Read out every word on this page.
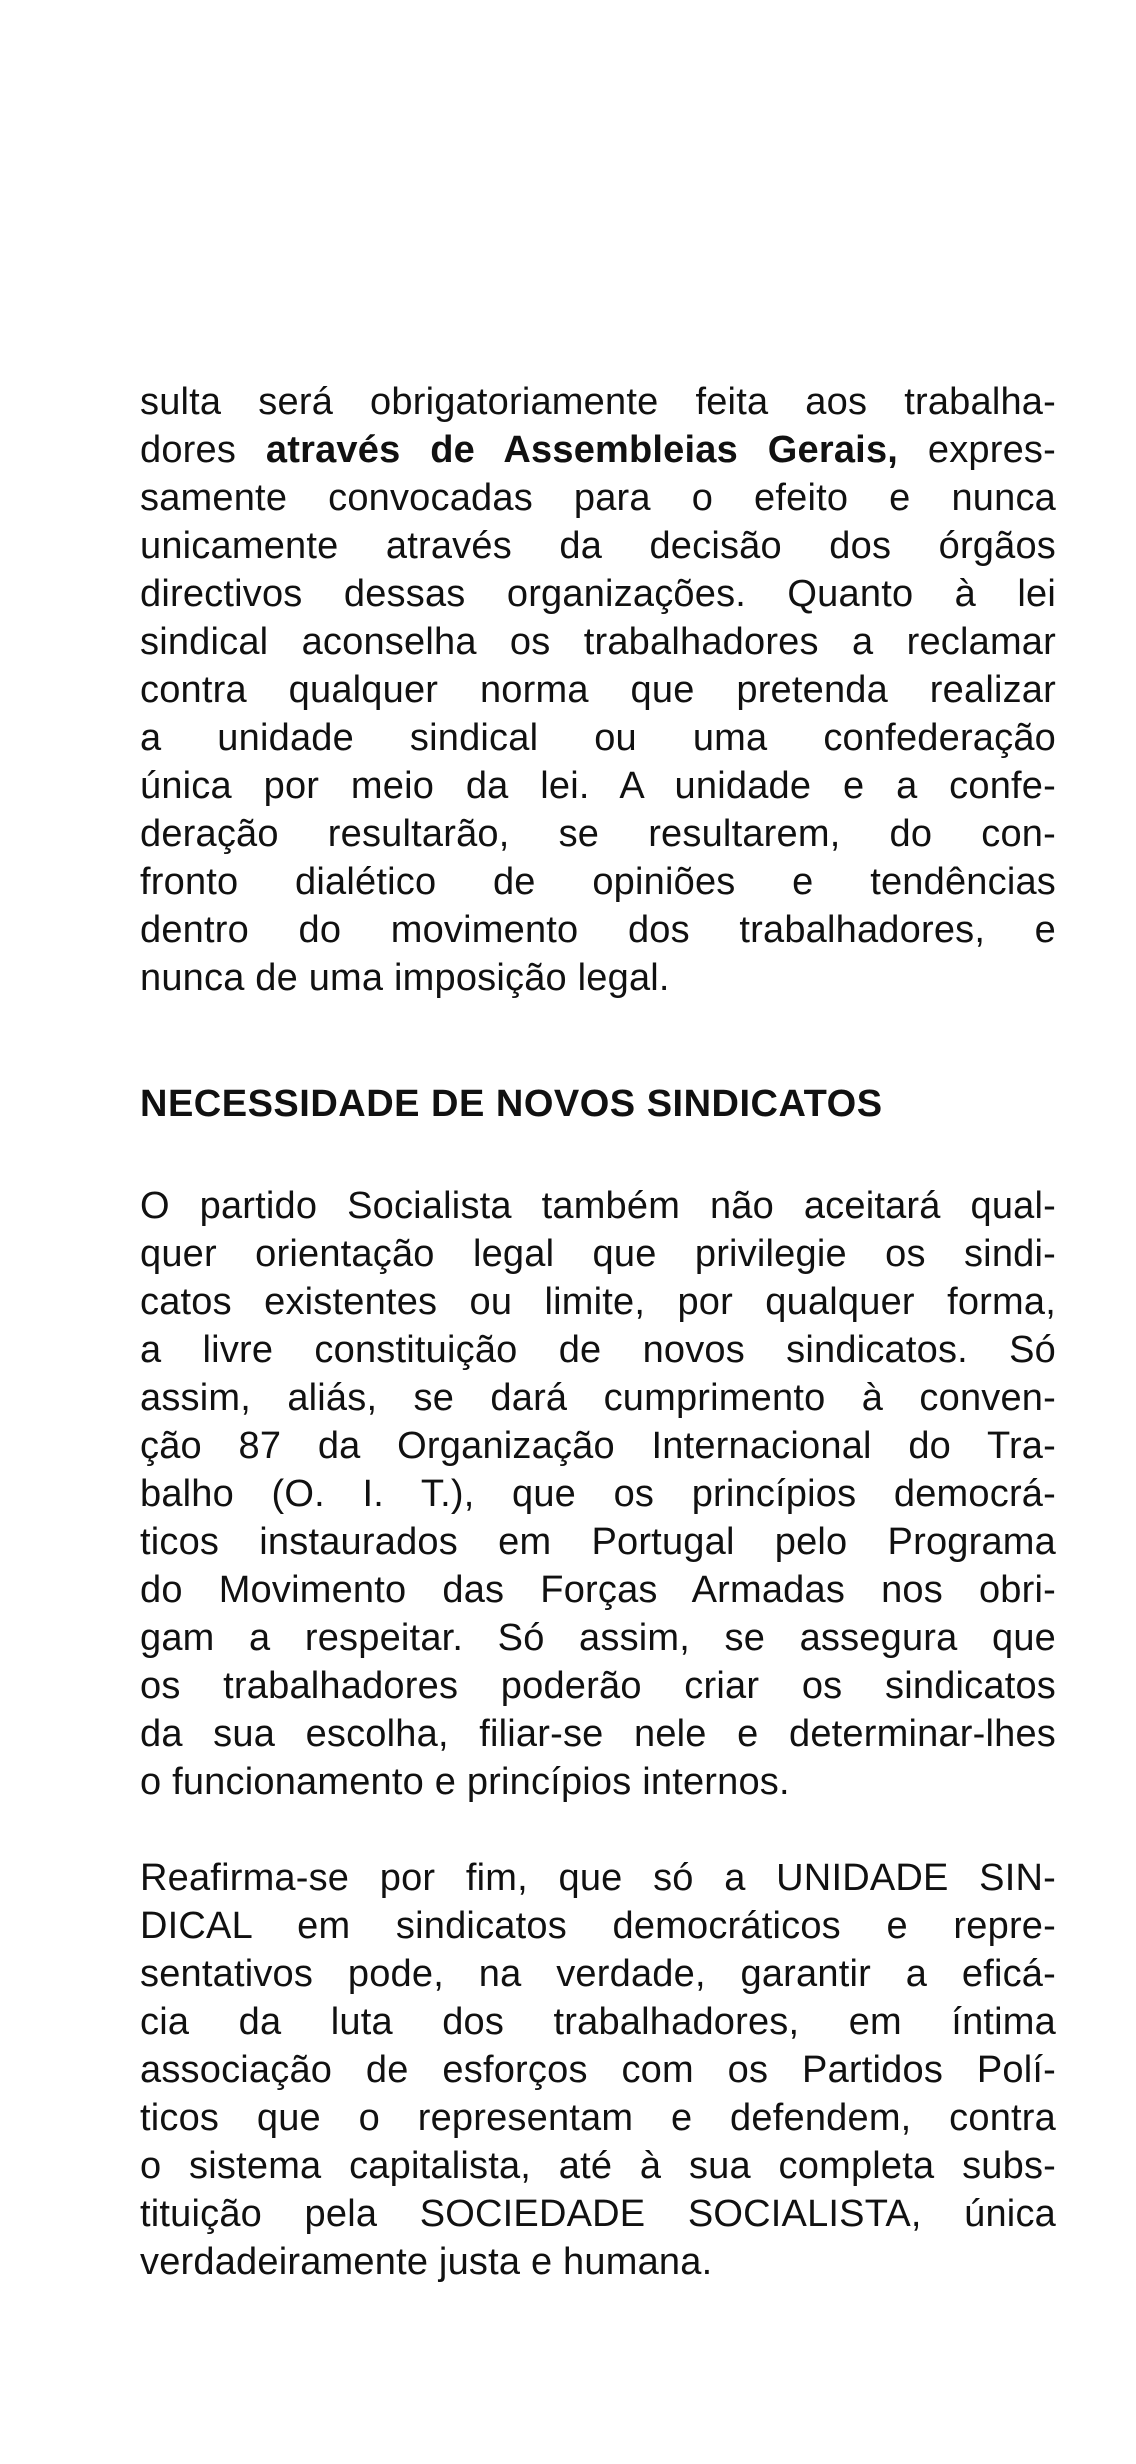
sulta será obrigatoriamente feita aos trabalha-
dores através de Assembleias Gerais, expres-
samente convocadas para o efeito e nunca
unicamente através da decisão dos órgãos
directivos dessas organizações. Quanto à lei
sindical aconselha os trabalhadores a reclamar
contra qualquer norma que pretenda realizar
a unidade sindical ou uma confederação
única por meio da lei. A unidade e a confe-
deração resultarão, se resultarem, do con-
fronto dialético de opiniões e tendências
dentro do movimento dos trabalhadores, e
nunca de uma imposição legal.

NECESSIDADE DE NOVOS SINDICATOS

O partido Socialista também não aceitará qual-
quer orientação legal que privilegie os sindi-
catos existentes ou limite, por qualquer forma,
a livre constituição de novos sindicatos. Só
assim, aliás, se dará cumprimento à conven-
ção 87 da Organização Internacional do Tra-
balho (O. I. T.), que os princípios democrá-
ticos instaurados em Portugal pelo Programa
do Movimento das Forças Armadas nos obri-
gam a respeitar. Só assim, se assegura que
os trabalhadores poderão criar os sindicatos
da sua escolha, filiar-se nele e determinar-lhes
o funcionamento e princípios internos.

Reafirma-se por fim, que só a UNIDADE SIN-
DICAL em sindicatos democráticos e repre-
sentativos pode, na verdade, garantir a eficá-
cia da luta dos trabalhadores, em íntima
associação de esforços com os Partidos Polí-
ticos que o representam e defendem, contra
o sistema capitalista, até à sua completa subs-
tituição pela SOCIEDADE SOCIALISTA, única
verdadeiramente justa e humana.
